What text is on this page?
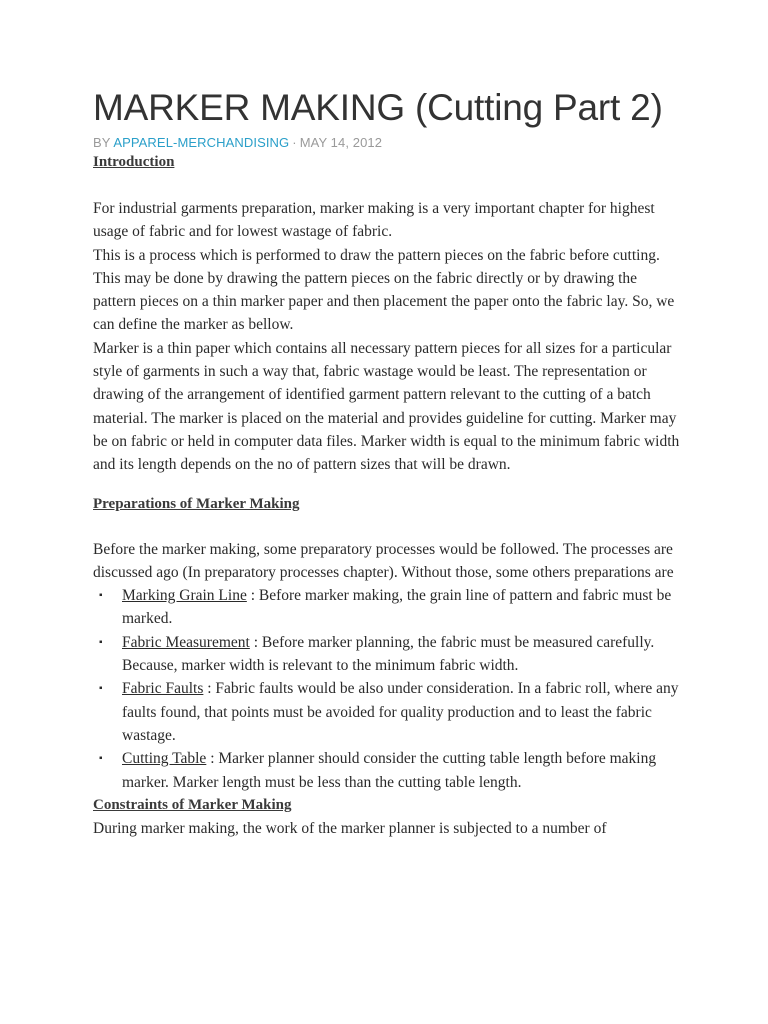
MARKER MAKING (Cutting Part 2)
BY APPAREL-MERCHANDISING · MAY 14, 2012
Introduction

For industrial garments preparation, marker making is a very important chapter for highest usage of fabric and for lowest wastage of fabric.

This is a process which is performed to draw the pattern pieces on the fabric before cutting. This may be done by drawing the pattern pieces on the fabric directly or by drawing the pattern pieces on a thin marker paper and then placement the paper onto the fabric lay. So, we can define the marker as bellow.

Marker is a thin paper which contains all necessary pattern pieces for all sizes for a particular style of garments in such a way that, fabric wastage would be least. The representation or drawing of the arrangement of identified garment pattern relevant to the cutting of a batch material. The marker is placed on the material and provides guideline for cutting. Marker may be on fabric or held in computer data files. Marker width is equal to the minimum fabric width and its length depends on the no of pattern sizes that will be drawn.

Preparations of Marker Making

Before the marker making, some preparatory processes would be followed. The processes are discussed ago (In preparatory processes chapter). Without those, some others preparations are

▪ Marking Grain Line : Before marker making, the grain line of pattern and fabric must be marked.
▪ Fabric Measurement : Before marker planning, the fabric must be measured carefully. Because, marker width is relevant to the minimum fabric width.
▪ Fabric Faults : Fabric faults would be also under consideration. In a fabric roll, where any faults found, that points must be avoided for quality production and to least the fabric wastage.
▪ Cutting Table : Marker planner should consider the cutting table length before making marker. Marker length must be less than the cutting table length.
Constraints of Marker Making

During marker making, the work of the marker planner is subjected to a number of
